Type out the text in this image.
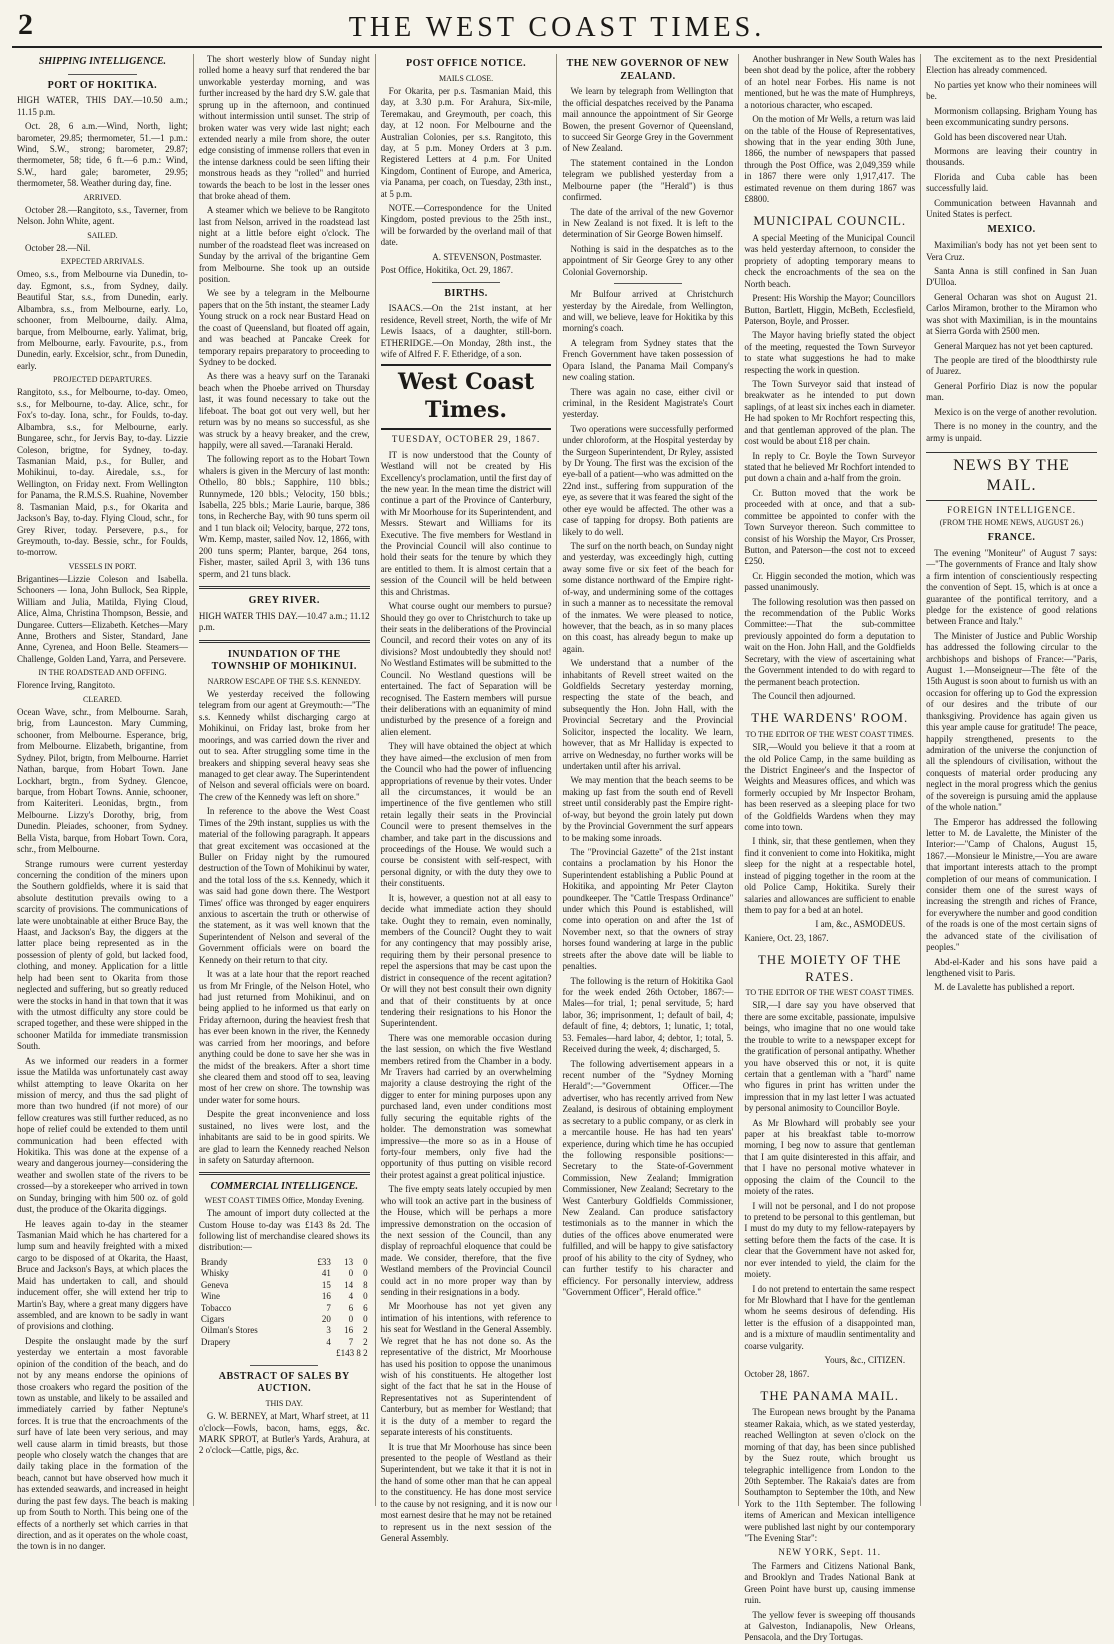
2	THE WEST COAST TIMES.
SHIPPING INTELLIGENCE.
PORT OF HOKITIKA.

HIGH WATER, THIS DAY.—10.50 a.m.; 11.15 p.m.

Oct. 28, 6 a.m.—Wind, North, light; barometer, 29.85; thermometer, 51.—1 p.m.: Wind, S.W., strong; barometer, 29.87; thermometer, 58; tide, 6 ft.—6 p.m.: Wind, S.W., hard gale; barometer, 29.95; thermometer, 58. Weather during day, fine.

ARRIVED.

October 28.—Rangitoto, s.s., Taverner, from Nelson. John White, agent.

SAILED.

October 28.—Nil.

EXPECTED ARRIVALS.

Omeo, s.s., from Melbourne via Dunedin, to-day. Egmont, s.s., from Sydney, daily. Beautiful Star, s.s., from Dunedin, early. Albambra, s.s., from Melbourne, early. Lo, schooner, from Melbourne, daily. Alma, barque, from Melbourne, early. Yalimat, brig, from Melbourne, early. Favourite, p.s., from Dunedin, early. Excelsior, schr., from Dunedin, early.

PROJECTED DEPARTURES.

Rangitoto, s.s., for Melbourne, to-day. Omeo, s.s., for Melbourne, to-day. Alice, schr., for Fox's to-day. Iona, schr., for Foulds, to-day. Albambra, s.s., for Melbourne, early. Bungaree, schr., for Jervis Bay, to-day. Lizzie Coleson, brigtne, for Sydney, to-day. Tasmanian Maid, p.s., for Buller, and Mohikinui, to-day. Airedale, s.s., for Wellington, on Friday next. From Wellington for Panama, the R.M.S.S. Ruahine, November 8. Tasmanian Maid, p.s., for Okarita and Jackson's Bay, to-day. Flying Cloud, schr., for Grey River, today. Persevere, p.s., for Greymouth, to-day. Bessie, schr., for Foulds, to-morrow.

VESSELS IN PORT.

Brigantines—Lizzie Coleson and Isabella. Schooners — Iona, John Bullock, Sea Ripple, William and Julia, Matilda, Flying Cloud, Alice, Alma, Christina Thompson, Bessie, and Dungaree. Cutters—Elizabeth. Ketches—Mary Anne, Brothers and Sister, Standard, Jane Anne, Cyrenea, and Hoon Belle. Steamers—Challenge, Golden Land, Yarra, and Persevere.

IN THE ROADSTEAD AND OFFING.

Florence Irving, Rangitoto.

CLEARED.

Ocean Wave, schr., from Melbourne. Sarah, brig, from Launceston. Mary Cumming, schooner, from Melbourne. Esperance, brig, from Melbourne. Elizabeth, brigantine, from Sydney. Pilot, brigtn, from Melbourne. Harriet Nathan, barque, from Hobart Town. Jane Lockhart, brgtn., from Sydney. Glencoe, barque, from Hobart Towns. Annie, schooner, from Kaiteriteri. Leonidas, brgtn., from Melbourne. Lizzy's Dorothy, brig, from Dunedin. Pleiades, schooner, from Sydney. Bella Vista, barque, from Hobart Town. Cora, schr., from Melbourne.

Strange rumours were current yesterday concerning the condition of the miners upon the Southern goldfields, where it is said that absolute destitution prevails owing to a scarcity of provisions. The communications of late were unobtainable at either Bruce Bay, the Haast, and Jackson's Bay, the diggers at the latter place being represented as in the possession of plenty of gold, but lacked food, clothing, and money. Application for a little help had been sent to Okarita from those neglected and suffering, but so greatly reduced were the stocks in hand in that town that it was with the utmost difficulty any store could be scraped together, and these were shipped in the schooner Matilda for immediate transmission South.

As we informed our readers in a former issue the Matilda was unfortunately cast away whilst attempting to leave Okarita on her mission of mercy, and thus the sad plight of more than two hundred (if not more) of our fellow creatures was still further reduced, as no hope of relief could be extended to them until communication had been effected with Hokitika. This was done at the expense of a weary and dangerous journey—considering the weather and swollen state of the rivers to be crossed—by a storekeeper who arrived in town on Sunday, bringing with him 500 oz. of gold dust, the produce of the Okarita diggings.

He leaves again to-day in the steamer Tasmanian Maid which he has chartered for a lump sum and heavily freighted with a mixed cargo to be disposed of at Okarita, the Haast, Bruce and Jackson's Bays, at which places the Maid has undertaken to call, and should inducement offer, she will extend her trip to Martin's Bay, where a great many diggers have assembled, and are known to be sadly in want of provisions and clothing.

Despite the onslaught made by the surf yesterday we entertain a most favorable opinion of the condition of the beach, and do not by any means endorse the opinions of those croakers who regard the position of the town as unstable, and likely to be assailed and immediately carried by father Neptune's forces. It is true that the encroachments of the surf have of late been very serious, and may well cause alarm in timid breasts, but those people who closely watch the changes that are daily taking place in the formation of the beach, cannot but have observed how much it has extended seawards, and increased in height during the past few days. The beach is making up from South to North. This being one of the effects of a northerly set which carries in that direction, and as it operates on the whole coast, the town is in no danger.

The short westerly blow of Sunday night rolled home a heavy surf that rendered the bar unworkable yesterday morning, and was further increased by the hard dry S.W. gale that sprung up in the afternoon, and continued without intermission until sunset. The strip of broken water was very wide last night; each extended nearly a mile from shore, the outer edge consisting of immense rollers that even in the intense darkness could be seen lifting their monstrous heads as they "rolled" and hurried towards the beach to be lost in the lesser ones that broke ahead of them.

A steamer which we believe to be Rangitoto last from Nelson, arrived in the roadstead last night at a little before eight o'clock. The number of the roadstead fleet was increased on Sunday by the arrival of the brigantine Gem from Melbourne. She took up an outside position.

We see by a telegram in the Melbourne papers that on the 5th instant, the steamer Lady Young struck on a rock near Bustard Head on the coast of Queensland, but floated off again, and was beached at Pancake Creek for temporary repairs preparatory to proceeding to Sydney to be docked.

As there was a heavy surf on the Taranaki beach when the Phoebe arrived on Thursday last, it was found necessary to take out the lifeboat. The boat got out very well, but her return was by no means so successful, as she was struck by a heavy breaker, and the crew, happily, were all saved.—Taranaki Herald.

The following report as to the Hobart Town whalers is given in the Mercury of last month: Othello, 80 bbls.; Sapphire, 110 bbls.; Runnymede, 120 bbls.; Velocity, 150 bbls.; Isabella, 225 bbls.; Marie Laurie, barque, 386 tons, in Recherche Bay, with 90 tuns sperm oil and 1 tun black oil; Velocity, barque, 272 tons, Wm. Kemp, master, sailed Nov. 12, 1866, with 200 tuns sperm; Planter, barque, 264 tons, Fisher, master, sailed April 3, with 136 tuns sperm, and 21 tuns black.

GREY RIVER.

HIGH WATER THIS DAY.—10.47 a.m.; 11.12 p.m.

INUNDATION OF THE TOWNSHIP OF MOHIKINUI.
NARROW ESCAPE OF THE S.S. KENNEDY.

We yesterday received the following telegram from our agent at Greymouth:—"The s.s. Kennedy whilst discharging cargo at Mohikinui, on Friday last, broke from her moorings, and was carried down the river and out to sea. After struggling some time in the breakers and shipping several heavy seas she managed to get clear away. The Superintendent of Nelson and several officials were on board. The crew of the Kennedy was left on shore."

In reference to the above the West Coast Times of the 29th instant, supplies us with the material of the following paragraph. It appears that great excitement was occasioned at the Buller on Friday night by the rumoured destruction of the Town of Mohikinui by water, and the total loss of the s.s. Kennedy, which it was said had gone down there. The Westport Times' office was thronged by eager enquirers anxious to ascertain the truth or otherwise of the statement, as it was well known that the Superintendent of Nelson and several of the Government officials were on board the Kennedy on their return to that city.

It was at a late hour that the report reached us from Mr Fringle, of the Nelson Hotel, who had just returned from Mohikinui, and on being applied to he informed us that early on Friday afternoon, during the heaviest fresh that has ever been known in the river, the Kennedy was carried from her moorings, and before anything could be done to save her she was in the midst of the breakers. After a short time she cleared them and stood off to sea, leaving most of her crew on shore. The township was under water for some hours.

Despite the great inconvenience and loss sustained, no lives were lost, and the inhabitants are said to be in good spirits. We are glad to learn the Kennedy reached Nelson in safety on Saturday afternoon.

COMMERCIAL INTELLIGENCE.
WEST COAST TIMES Office, Monday Evening.

The amount of import duty collected at the Custom House to-day was £143 8s 2d. The following list of merchandise cleared shows its distribution:—

Brandy	£33	13	0
Whisky	41	0	0
Geneva	15	14	8
Wine	16	4	0
Tobacco	7	6	6
Cigars	20	0	0
Oilman's Stores	3	16	2
Drapery	4	7	2
	£143 8 2		
ABSTRACT OF SALES BY AUCTION.
THIS DAY.

G. W. BERNEY, at Mart, Wharf street, at 11 o'clock—Fowls, bacon, hams, eggs, &c. MARK SPROT, at Butler's Yards, Arahura, at 2 o'clock—Cattle, pigs, &c.

POST OFFICE NOTICE.
MAILS CLOSE.

For Okarita, per p.s. Tasmanian Maid, this day, at 3.30 p.m. For Arahura, Six-mile, Teremakau, and Greymouth, per coach, this day, at 12 noon. For Melbourne and the Australian Colonies, per s.s. Rangitoto, this day, at 5 p.m. Money Orders at 3 p.m. Registered Letters at 4 p.m. For United Kingdom, Continent of Europe, and America, via Panama, per coach, on Tuesday, 23th inst., at 5 p.m.

NOTE.—Correspondence for the United Kingdom, posted previous to the 25th inst., will be forwarded by the overland mail of that date.

A. STEVENSON, Postmaster.

Post Office, Hokitika, Oct. 29, 1867.

BIRTHS.

ISAACS.—On the 21st instant, at her residence, Revell street, North, the wife of Mr Lewis Isaacs, of a daughter, still-born. ETHERIDGE.—On Monday, 28th inst., the wife of Alfred F. F. Etheridge, of a son.

West Coast Times.
TUESDAY, OCTOBER 29, 1867.

IT is now understood that the County of Westland will not be created by His Excellency's proclamation, until the first day of the new year. In the mean time the district will continue a part of the Province of Canterbury, with Mr Moorhouse for its Superintendent, and Messrs. Stewart and Williams for its Executive. The five members for Westland in the Provincial Council will also continue to hold their seats for the tenure by which they are entitled to them. It is almost certain that a session of the Council will be held between this and Christmas.

What course ought our members to pursue? Should they go over to Christchurch to take up their seats in the deliberations of the Provincial Council, and record their votes on any of its divisions? Most undoubtedly they should not! No Westland Estimates will be submitted to the Council. No Westland questions will be entertained. The fact of Separation will be recognised. The Eastern members will pursue their deliberations with an equanimity of mind undisturbed by the presence of a foreign and alien element.

They will have obtained the object at which they have aimed—the exclusion of men from the Council who had the power of influencing appropriations of revenue by their votes. Under all the circumstances, it would be an impertinence of the five gentlemen who still retain legally their seats in the Provincial Council were to present themselves in the chamber, and take part in the discussions and proceedings of the House. We would such a course be consistent with self-respect, with personal dignity, or with the duty they owe to their constituents.

It is, however, a question not at all easy to decide what immediate action they should take. Ought they to remain, even nominally, members of the Council? Ought they to wait for any contingency that may possibly arise, requiring them by their personal presence to repel the aspersions that may be cast upon the district in consequence of the recent agitation? Or will they not best consult their own dignity and that of their constituents by at once tendering their resignations to his Honor the Superintendent.

There was one memorable occasion during the last session, on which the five Westland members retired from the Chamber in a body. Mr Travers had carried by an overwhelming majority a clause destroying the right of the digger to enter for mining purposes upon any purchased land, even under conditions most fully securing the equitable rights of the holder. The demonstration was somewhat impressive—the more so as in a House of forty-four members, only five had the opportunity of thus putting on visible record their protest against a great political injustice.

The five empty seats lately occupied by men who will took an active part in the business of the House, which will be perhaps a more impressive demonstration on the occasion of the next session of the Council, than any display of reproachful eloquence that could be made. We consider, therefore, that the five Westland members of the Provincial Council could act in no more proper way than by sending in their resignations in a body.

Mr Moorhouse has not yet given any intimation of his intentions, with reference to his seat for Westland in the General Assembly. We regret that he has not done so. As the representative of the district, Mr Moorhouse has used his position to oppose the unanimous wish of his constituents. He altogether lost sight of the fact that he sat in the House of Representatives not as Superintendent of Canterbury, but as member for Westland; that it is the duty of a member to regard the separate interests of his constituents.

It is true that Mr Moorhouse has since been presented to the people of Westland as their Superintendent, but we take it that it is not in the hand of some other man that he can appeal to the constituency. He has done most service to the cause by not resigning, and it is now our most earnest desire that he may not be retained to represent us in the next session of the General Assembly.

THE NEW GOVERNOR OF NEW ZEALAND.

We learn by telegraph from Wellington that the official despatches received by the Panama mail announce the appointment of Sir George Bowen, the present Governor of Queensland, to succeed Sir George Grey in the Government of New Zealand.

The statement contained in the London telegram we published yesterday from a Melbourne paper (the "Herald") is thus confirmed.

The date of the arrival of the new Governor in New Zealand is not fixed. It is left to the determination of Sir George Bowen himself.

Nothing is said in the despatches as to the appointment of Sir George Grey to any other Colonial Governorship.

Mr Bulfour arrived at Christchurch yesterday by the Airedale, from Wellington, and will, we believe, leave for Hokitika by this morning's coach.

A telegram from Sydney states that the French Government have taken possession of Opara Island, the Panama Mail Company's new coaling station.

There was again no case, either civil or criminal, in the Resident Magistrate's Court yesterday.

Two operations were successfully performed under chloroform, at the Hospital yesterday by the Surgeon Superintendent, Dr Ryley, assisted by Dr Young. The first was the excision of the eye-ball of a patient—who was admitted on the 22nd inst., suffering from suppuration of the eye, as severe that it was feared the sight of the other eye would be affected. The other was a case of tapping for dropsy. Both patients are likely to do well.

The surf on the north beach, on Sunday night and yesterday, was exceedingly high, cutting away some five or six feet of the beach for some distance northward of the Empire right-of-way, and undermining some of the cottages in such a manner as to necessitate the removal of the inmates. We were pleased to notice, however, that the beach, as in so many places on this coast, has already begun to make up again.

We understand that a number of the inhabitants of Revell street waited on the Goldfields Secretary yesterday morning, respecting the state of the beach, and subsequently the Hon. John Hall, with the Provincial Secretary and the Provincial Solicitor, inspected the locality. We learn, however, that as Mr Halliday is expected to arrive on Wednesday, no further works will be undertaken until after his arrival.

We may mention that the beach seems to be making up fast from the south end of Revell street until considerably past the Empire right-of-way, but beyond the groin lately put down by the Provincial Government the surf appears to be making some inroads.

The "Provincial Gazette" of the 21st instant contains a proclamation by his Honor the Superintendent establishing a Public Pound at Hokitika, and appointing Mr Peter Clayton poundkeeper. The "Cattle Trespass Ordinance" under which this Pound is established, will come into operation on and after the 1st of November next, so that the owners of stray horses found wandering at large in the public streets after the above date will be liable to penalties.

The following is the return of Hokitika Gaol for the week ended 26th October, 1867:—Males—for trial, 1; penal servitude, 5; hard labor, 36; imprisonment, 1; default of bail, 4; default of fine, 4; debtors, 1; lunatic, 1; total, 53. Females—hard labor, 4; debtor, 1; total, 5. Received during the week, 4; discharged, 5.

The following advertisement appears in a recent number of the "Sydney Morning Herald":—"Government Officer.—The advertiser, who has recently arrived from New Zealand, is desirous of obtaining employment as secretary to a public company, or as clerk in a mercantile house. He has had ten years' experience, during which time he has occupied the following responsible positions:—Secretary to the State-of-Government Commission, New Zealand; Immigration Commissioner, New Zealand; Secretary to the West Canterbury Goldfields Commissioner, New Zealand. Can produce satisfactory testimonials as to the manner in which the duties of the offices above enumerated were fulfilled, and will be happy to give satisfactory proof of his ability to the city of Sydney, who can further testify to his character and efficiency. For personally interview, address "Government Officer", Herald office."

Another bushranger in New South Wales has been shot dead by the police, after the robbery of an hotel near Forbes. His name is not mentioned, but he was the mate of Humphreys, a notorious character, who escaped.

On the motion of Mr Wells, a return was laid on the table of the House of Representatives, showing that in the year ending 30th June, 1866, the number of newspapers that passed through the Post Office, was 2,049,359 while in 1867 there were only 1,917,417. The estimated revenue on them during 1867 was £8800.

MUNICIPAL COUNCIL.

A special Meeting of the Municipal Council was held yesterday afternoon, to consider the propriety of adopting temporary means to check the encroachments of the sea on the North beach.

Present: His Worship the Mayor; Councillors Button, Bartlett, Higgin, McBeth, Ecclesfield, Paterson, Boyle, and Prosser.

The Mayor having briefly stated the object of the meeting, requested the Town Surveyor to state what suggestions he had to make respecting the work in question.

The Town Surveyor said that instead of breakwater as he intended to put down saplings, of at least six inches each in diameter. He had spoken to Mr Rochfort respecting this, and that gentleman approved of the plan. The cost would be about £18 per chain.

In reply to Cr. Boyle the Town Surveyor stated that he believed Mr Rochfort intended to put down a chain and a-half from the groin.

Cr. Button moved that the work be proceeded with at once, and that a sub-committee be appointed to confer with the Town Surveyor thereon. Such committee to consist of his Worship the Mayor, Crs Prosser, Button, and Paterson—the cost not to exceed £250.

Cr. Higgin seconded the motion, which was passed unanimously.

The following resolution was then passed on the recommendation of the Public Works Committee:—That the sub-committee previously appointed do form a deputation to wait on the Hon. John Hall, and the Goldfields Secretary, with the view of ascertaining what the Government intended to do with regard to the permanent beach protection.

The Council then adjourned.

THE WARDENS' ROOM.
TO THE EDITOR OF THE WEST COAST TIMES.

SIR,—Would you believe it that a room at the old Police Camp, in the same building as the District Engineer's and the Inspector of Weights and Measures offices, and which was formerly occupied by Mr Inspector Broham, has been reserved as a sleeping place for two of the Goldfields Wardens when they may come into town.

I think, sir, that these gentlemen, when they find it convenient to come into Hokitika, might sleep for the night at a respectable hotel, instead of pigging together in the room at the old Police Camp, Hokitika. Surely their salaries and allowances are sufficient to enable them to pay for a bed at an hotel.

I am, &c., ASMODEUS.

Kaniere, Oct. 23, 1867.

THE MOIETY OF THE RATES.
TO THE EDITOR OF THE WEST COAST TIMES.

SIR,—I dare say you have observed that there are some excitable, passionate, impulsive beings, who imagine that no one would take the trouble to write to a newspaper except for the gratification of personal antipathy. Whether you have observed this or not, it is quite certain that a gentleman with a "hard" name who figures in print has written under the impression that in my last letter I was actuated by personal animosity to Councillor Boyle.

As Mr Blowhard will probably see your paper at his breakfast table to-morrow morning, I beg now to assure that gentleman that I am quite disinterested in this affair, and that I have no personal motive whatever in opposing the claim of the Council to the moiety of the rates.

I will not be personal, and I do not propose to pretend to be personal to this gentleman, but I must do my duty to my fellow-ratepayers by setting before them the facts of the case. It is clear that the Government have not asked for, nor ever intended to yield, the claim for the moiety.

I do not pretend to entertain the same respect for Mr Blowhard that I have for the gentleman whom he seems desirous of defending. His letter is the effusion of a disappointed man, and is a mixture of maudlin sentimentality and coarse vulgarity.

Yours, &c., CITIZEN.

October 28, 1867.

THE PANAMA MAIL.

The European news brought by the Panama steamer Rakaia, which, as we stated yesterday, reached Wellington at seven o'clock on the morning of that day, has been since published by the Suez route, which brought us telegraphic intelligence from London to the 20th September. The Rakaia's dates are from Southampton to September the 10th, and New York to the 11th September. The following items of American and Mexican intelligence were published last night by our contemporary "The Evening Star":

NEW YORK, Sept. 11.

The Farmers and Citizens National Bank, and Brooklyn and Trades National Bank at Green Point have burst up, causing immense ruin.

The yellow fever is sweeping off thousands at Galveston, Indianapolis, New Orleans, Pensacola, and the Dry Tortugas.

The excitement as to the next Presidential Election has already commenced.

No parties yet know who their nominees will be.

Mormonism collapsing. Brigham Young has been excommunicating sundry persons.

Gold has been discovered near Utah.

Mormons are leaving their country in thousands.

Florida and Cuba cable has been successfully laid.

Communication between Havannah and United States is perfect.

MEXICO.

Maximilian's body has not yet been sent to Vera Cruz.

Santa Anna is still confined in San Juan D'Ulloa.

General Ocharan was shot on August 21. Carlos Miramon, brother to the Miramon who was shot with Maximilian, is in the mountains at Sierra Gorda with 2500 men.

General Marquez has not yet been captured.

The people are tired of the bloodthirsty rule of Juarez.

General Porfirio Diaz is now the popular man.

Mexico is on the verge of another revolution.

There is no money in the country, and the army is unpaid.

NEWS BY THE MAIL.
FOREIGN INTELLIGENCE.
(FROM THE HOME NEWS, AUGUST 26.)
FRANCE.

The evening "Moniteur" of August 7 says:—"The governments of France and Italy show a firm intention of conscientiously respecting the convention of Sept. 15, which is at once a guarantee of the pontifical territory, and a pledge for the existence of good relations between France and Italy."

The Minister of Justice and Public Worship has addressed the following circular to the archbishops and bishops of France:—"Paris, August 1.—Monseigneur—The fête of the 15th August is soon about to furnish us with an occasion for offering up to God the expression of our desires and the tribute of our thanksgiving. Providence has again given us this year ample cause for gratitude! The peace, happily strengthened, presents to the admiration of the universe the conjunction of all the splendours of civilisation, without the conquests of material order producing any neglect in the moral progress which the genius of the sovereign is pursuing amid the applause of the whole nation."

The Emperor has addressed the following letter to M. de Lavalette, the Minister of the Interior:—"Camp of Chalons, August 15, 1867.—Monsieur le Ministre,—You are aware that important interests attach to the prompt completion of our means of communication. I consider them one of the surest ways of increasing the strength and riches of France, for everywhere the number and good condition of the roads is one of the most certain signs of the advanced state of the civilisation of peoples."

Abd-el-Kader and his sons have paid a lengthened visit to Paris.

M. de Lavalette has published a report.
